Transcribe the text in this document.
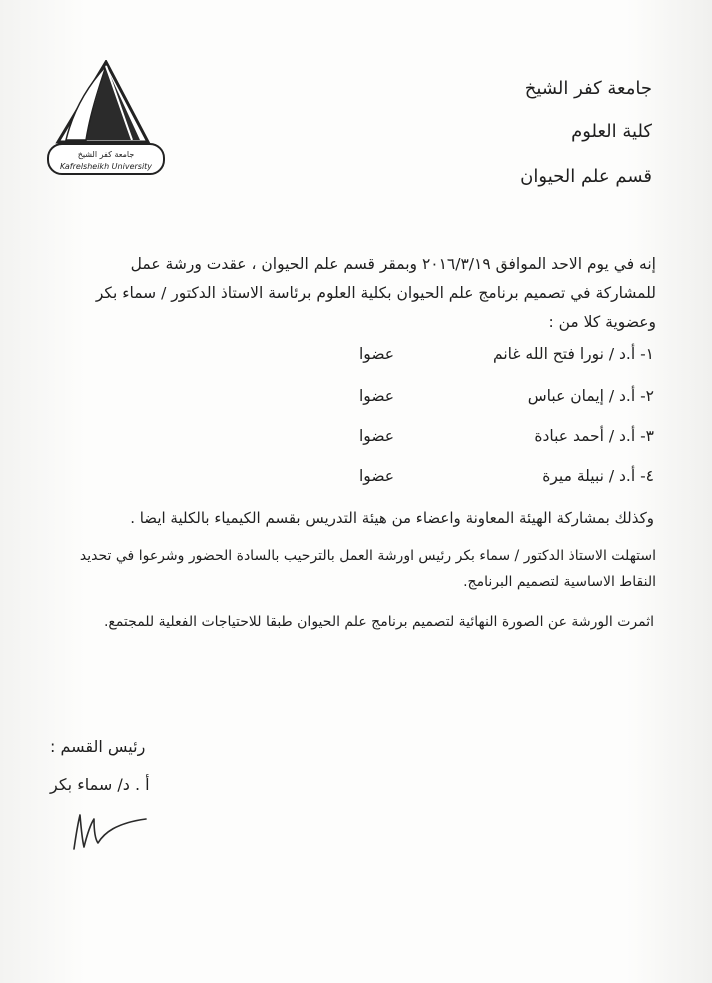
جامعة كفر الشيخ
Kafrelsheikh University
جامعة كفر الشيخ
كلية العلوم
قسم علم الحيوان
إنه في يوم الاحد الموافق ٢٠١٦/٣/١٩ وبمقر قسم علم الحيوان ، عقدت ورشة عمل
للمشاركة في تصميم برنامج علم الحيوان بكلية العلوم برئاسة الاستاذ الدكتور / سماء بكر
وعضوية كلا من :
١- أ.د / نورا فتح الله غانم
عضوا
٢- أ.د / إيمان عباس
عضوا
٣- أ.د / أحمد عبادة
عضوا
٤- أ.د / نبيلة ميرة
عضوا
وكذلك بمشاركة الهيئة المعاونة واعضاء من هيئة التدريس بقسم الكيمياء بالكلية ايضا .
استهلت الاستاذ الدكتور / سماء بكر رئيس اورشة العمل بالترحيب بالسادة الحضور وشرعوا في تحديد
النقاط الاساسية لتصميم البرنامج.
اثمرت الورشة عن الصورة النهائية لتصميم برنامج علم الحيوان طبقا للاحتياجات الفعلية للمجتمع.
رئيس القسم :
أ . د/ سماء بكر
